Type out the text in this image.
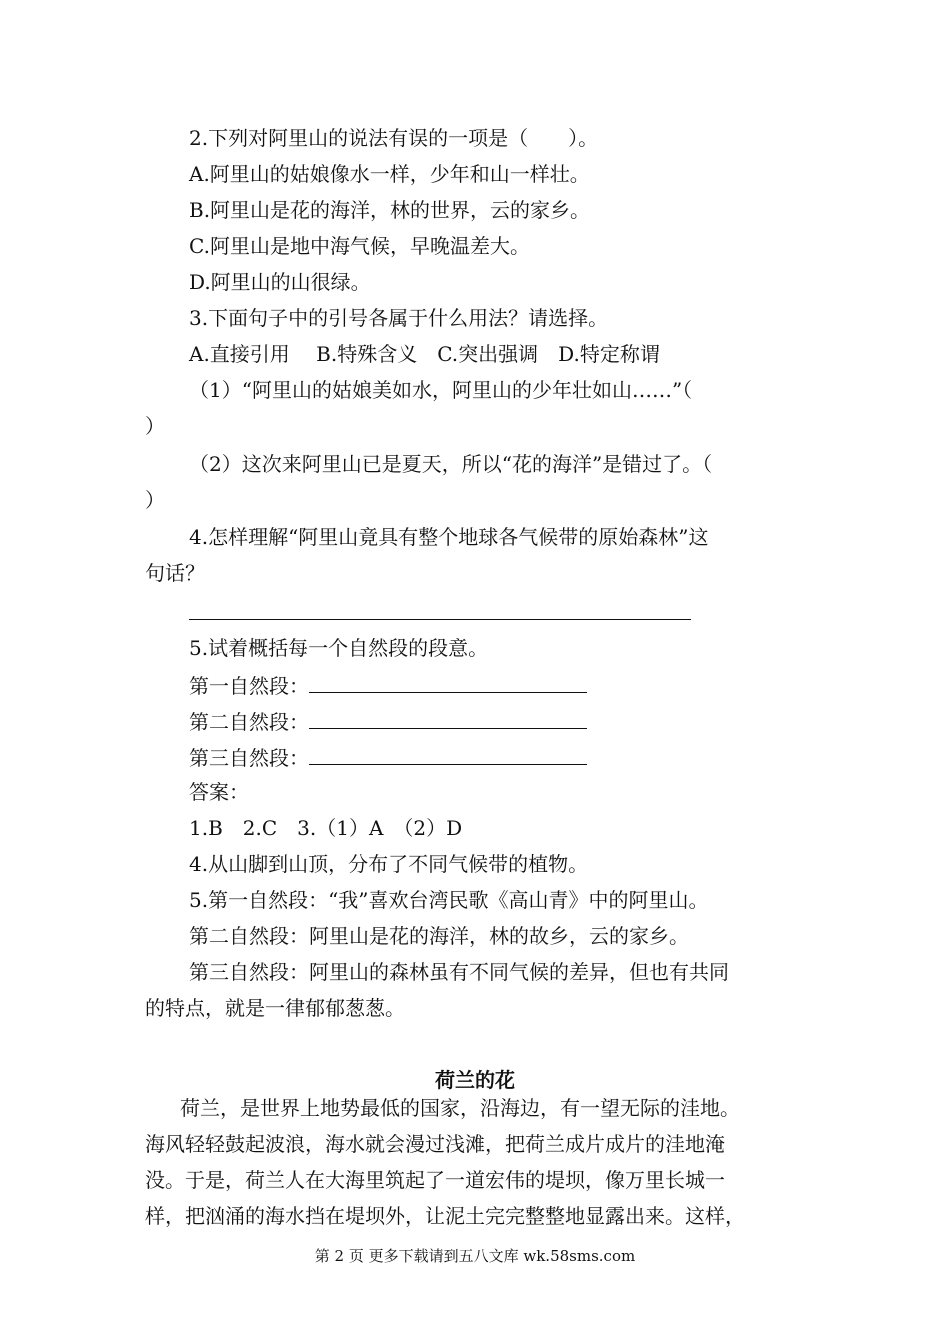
2.下列对阿里山的说法有误的一项是（　　）。
A.阿里山的姑娘像水一样，少年和山一样壮。
B.阿里山是花的海洋，林的世界，云的家乡。
C.阿里山是地中海气候，早晚温差大。
D.阿里山的山很绿。
3.下面句子中的引号各属于什么用法？请选择。
A.直接引用　 B.特殊含义　C.突出强调　D.特定称谓
（1）“阿里山的姑娘美如水，阿里山的少年壮如山……”（
）
（2）这次来阿里山已是夏天，所以“花的海洋”是错过了。（
）
4.怎样理解“阿里山竟具有整个地球各气候带的原始森林”这
句话？
5.试着概括每一个自然段的段意。
第一自然段：
第二自然段：
第三自然段：
答案：
1.B　2.C　3.（1）A　（2）D
4.从山脚到山顶，分布了不同气候带的植物。
5.第一自然段：“我”喜欢台湾民歌《高山青》中的阿里山。
第二自然段：阿里山是花的海洋，林的故乡，云的家乡。
第三自然段：阿里山的森林虽有不同气候的差异，但也有共同
的特点，就是一律郁郁葱葱。
荷兰的花
荷兰，是世界上地势最低的国家，沿海边，有一望无际的洼地。
海风轻轻鼓起波浪，海水就会漫过浅滩，把荷兰成片成片的洼地淹
没。于是，荷兰人在大海里筑起了一道宏伟的堤坝，像万里长城一
样，把汹涌的海水挡在堤坝外，让泥土完完整整地显露出来。这样，
第 2 页 更多下载请到五八文库 wk.58sms.com
